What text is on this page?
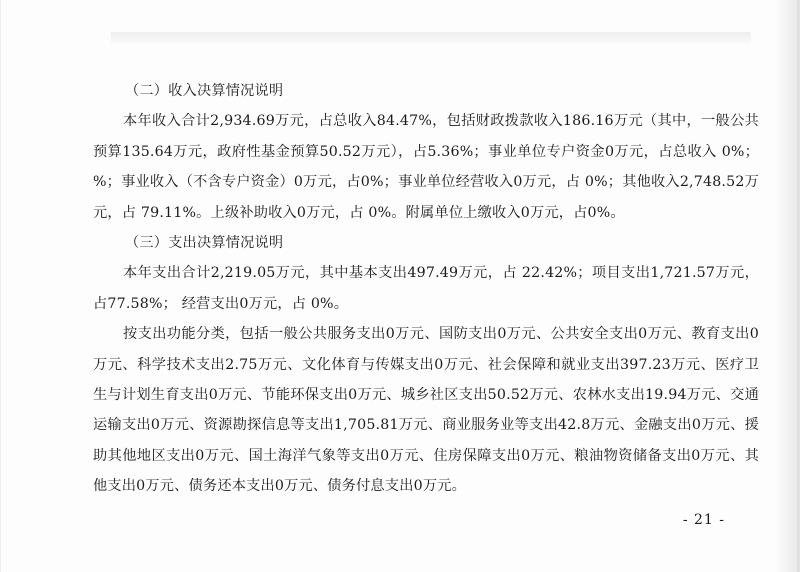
（二）收入决算情况说明
本年收入合计2,934.69万元，占总收入84.47%，包括财政拨款收入186.16万元（其中，一般公共预算135.64万元，政府性基金预算50.52万元），占5.36%；事业单位专户资金0万元，占总收入 0%；%；事业收入（不含专户资金）0万元，占0%；事业单位经营收入0万元，占 0%；其他收入2,748.52万元，占 79.11%。上级补助收入0万元，占 0%。附属单位上缴收入0万元，占0%。
（三）支出决算情况说明
本年支出合计2,219.05万元，其中基本支出497.49万元，占 22.42%；项目支出1,721.57万元，占77.58%； 经营支出0万元，占 0%。
按支出功能分类，包括一般公共服务支出0万元、国防支出0万元、公共安全支出0万元、教育支出0万元、科学技术支出2.75万元、文化体育与传媒支出0万元、社会保障和就业支出397.23万元、医疗卫生与计划生育支出0万元、节能环保支出0万元、城乡社区支出50.52万元、农林水支出19.94万元、交通运输支出0万元、资源勘探信息等支出1,705.81万元、商业服务业等支出42.8万元、金融支出0万元、援助其他地区支出0万元、国土海洋气象等支出0万元、住房保障支出0万元、粮油物资储备支出0万元、其他支出0万元、债务还本支出0万元、债务付息支出0万元。
- 21 -
